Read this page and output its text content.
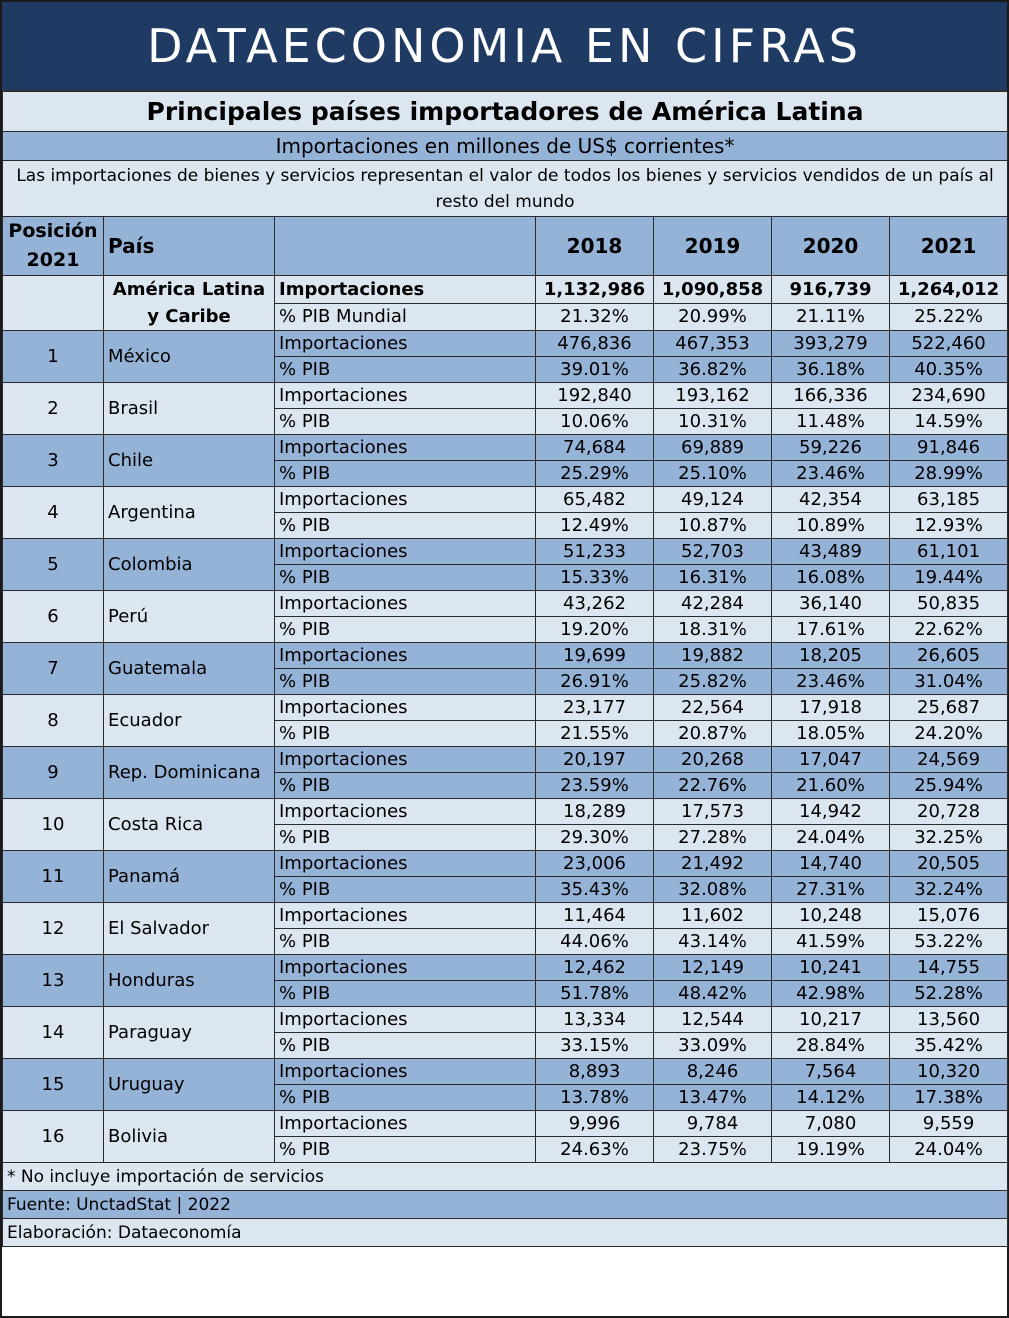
DATAECONOMIA EN CIFRAS
Principales países importadores de América Latina						
Importaciones en millones de US$ corrientes*						
Las importaciones de bienes y servicios representan el valor de todos los bienes y servicios vendidos de un país al resto del mundo						
Posición 2021	País		2018	2019	2020	2021
	América Latina y Caribe	Importaciones	1,132,986	1,090,858	916,739	1,264,012
		% PIB Mundial	21.32%	20.99%	21.11%	25.22%
1	México	Importaciones	476,836	467,353	393,279	522,460
		% PIB	39.01%	36.82%	36.18%	40.35%
2	Brasil	Importaciones	192,840	193,162	166,336	234,690
		% PIB	10.06%	10.31%	11.48%	14.59%
3	Chile	Importaciones	74,684	69,889	59,226	91,846
		% PIB	25.29%	25.10%	23.46%	28.99%
4	Argentina	Importaciones	65,482	49,124	42,354	63,185
		% PIB	12.49%	10.87%	10.89%	12.93%
5	Colombia	Importaciones	51,233	52,703	43,489	61,101
		% PIB	15.33%	16.31%	16.08%	19.44%
6	Perú	Importaciones	43,262	42,284	36,140	50,835
		% PIB	19.20%	18.31%	17.61%	22.62%
7	Guatemala	Importaciones	19,699	19,882	18,205	26,605
		% PIB	26.91%	25.82%	23.46%	31.04%
8	Ecuador	Importaciones	23,177	22,564	17,918	25,687
		% PIB	21.55%	20.87%	18.05%	24.20%
9	Rep. Dominicana	Importaciones	20,197	20,268	17,047	24,569
		% PIB	23.59%	22.76%	21.60%	25.94%
10	Costa Rica	Importaciones	18,289	17,573	14,942	20,728
		% PIB	29.30%	27.28%	24.04%	32.25%
11	Panamá	Importaciones	23,006	21,492	14,740	20,505
		% PIB	35.43%	32.08%	27.31%	32.24%
12	El Salvador	Importaciones	11,464	11,602	10,248	15,076
		% PIB	44.06%	43.14%	41.59%	53.22%
13	Honduras	Importaciones	12,462	12,149	10,241	14,755
		% PIB	51.78%	48.42%	42.98%	52.28%
14	Paraguay	Importaciones	13,334	12,544	10,217	13,560
		% PIB	33.15%	33.09%	28.84%	35.42%
15	Uruguay	Importaciones	8,893	8,246	7,564	10,320
		% PIB	13.78%	13.47%	14.12%	17.38%
16	Bolivia	Importaciones	9,996	9,784	7,080	9,559
		% PIB	24.63%	23.75%	19.19%	24.04%
* No incluye importación de servicios						
Fuente: UnctadStat | 2022						
Elaboración: Dataeconomía						
